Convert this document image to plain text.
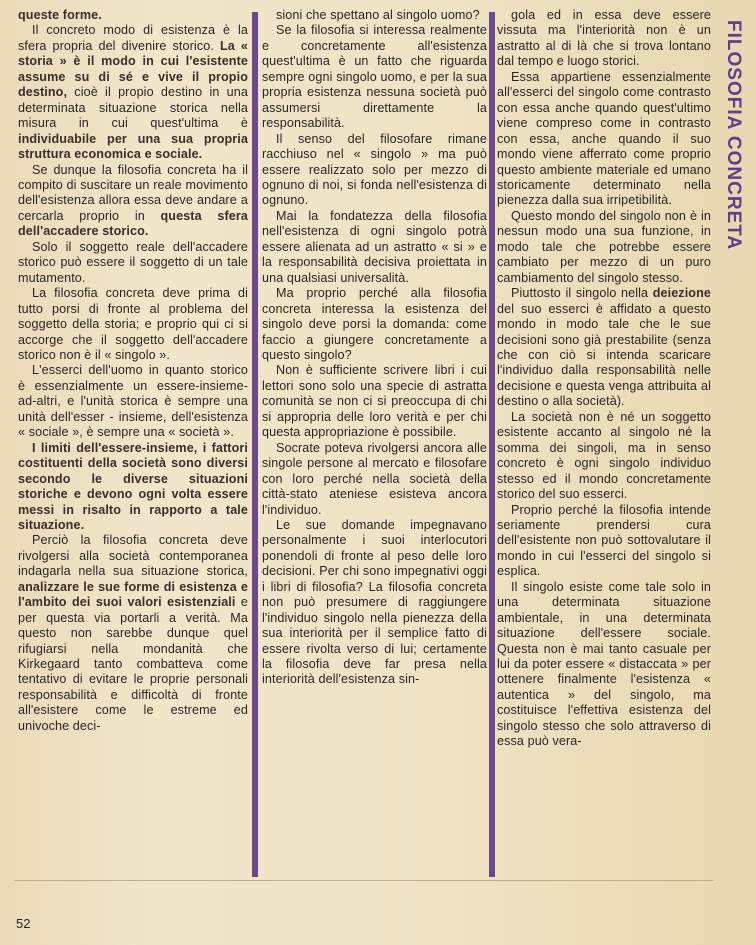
queste forme.

Il concreto modo di esistenza è la sfera propria del divenire storico. La « storia » è il modo in cui l'esistente assume su di sé e vive il propio destino, cioè il propio destino in una determinata situazione storica nella misura in cui quest'ultima è individuabile per una sua propria struttura economica e sociale.

Se dunque la filosofia concreta ha il compito di suscitare un reale movimento dell'esistenza allora essa deve andare a cercarla proprio in questa sfera dell'accadere storico.

Solo il soggetto reale dell'accadere storico può essere il soggetto di un tale mutamento.

La filosofia concreta deve prima di tutto porsi di fronte al problema del soggetto della storia; e proprio qui ci si accorge che il soggetto dell'accadere storico non è il « singolo ».

L'esserci dell'uomo in quanto storico è essenzialmente un essere-insieme-ad-altri, e l'unità storica è sempre una unità dell'esser - insieme, dell'esistenza « sociale », è sempre una « società ».

I limiti dell'essere-insieme, i fattori costituenti della società sono diversi secondo le diverse situazioni storiche e devono ogni volta essere messi in risalto in rapporto a tale situazione.

Perciò la filosofia concreta deve rivolgersi alla società contemporanea indagarla nella sua situazione storica, analizzare le sue forme di esistenza e l'ambito dei suoi valori esistenziali e per questa via portarli a verità. Ma questo non sarebbe dunque quel rifugiarsi nella mondanità che Kirkegaard tanto combatteva come tentativo di evitare le proprie personali responsabilità e difficoltà di fronte all'esistere come le estreme ed univoche deci-

sioni che spettano al singolo uomo?

Se la filosofia si interessa realmente e concretamente all'esistenza quest'ultima è un fatto che riguarda sempre ogni singolo uomo, e per la sua propria esistenza nessuna società può assumersi direttamente la responsabilità.

Il senso del filosofare rimane racchiuso nel « singolo » ma può essere realizzato solo per mezzo di ognuno di noi, si fonda nell'esistenza di ognuno.

Mai la fondatezza della filosofia nell'esistenza di ogni singolo potrà essere alienata ad un astratto « si » e la responsabilità decisiva proiettata in una qualsiasi universalità.

Ma proprio perché alla filosofia concreta interessa la esistenza del singolo deve porsi la domanda: come faccio a giungere concretamente a questo singolo?

Non è sufficiente scrivere libri i cui lettori sono solo una specie di astratta comunità se non ci si preoccupa di chi si appropria delle loro verità e per chi questa appropriazione è possibile.

Socrate poteva rivolgersi ancora alle singole persone al mercato e filosofare con loro perché nella società della città-stato ateniese esisteva ancora l'individuo.

Le sue domande impegnavano personalmente i suoi interlocutori ponendoli di fronte al peso delle loro decisioni. Per chi sono impegnativi oggi i libri di filosofia? La filosofia concreta non può presumere di raggiungere l'individuo singolo nella pienezza della sua interiorità per il semplice fatto di essere rivolta verso di lui; certamente la filosofia deve far presa nella interiorità dell'esistenza sin-

gola ed in essa deve essere vissuta ma l'interiorità non è un astratto al di là che si trova lontano dal tempo e luogo storici.

Essa appartiene essenzialmente all'esserci del singolo come contrasto con essa anche quando quest'ultimo viene compreso come in contrasto con essa, anche quando il suo mondo viene afferrato come proprio questo ambiente materiale ed umano storicamente determinato nella pienezza dalla sua irripetibilità.

Questo mondo del singolo non è in nessun modo una sua funzione, in modo tale che potrebbe essere cambiato per mezzo di un puro cambiamento del singolo stesso.

Piuttosto il singolo nella deiezione del suo esserci è affidato a questo mondo in modo tale che le sue decisioni sono già prestabilite (senza che con ciò si intenda scaricare l'individuo dalla responsabilità nelle decisione e questa venga attribuita al destino o alla società).

La società non è né un soggetto esistente accanto al singolo né la somma dei singoli, ma in senso concreto è ogni singolo individuo stesso ed il mondo concretamente storico del suo esserci.

Proprio perché la filosofia intende seriamente prendersi cura dell'esistente non può sottovalutare il mondo in cui l'esserci del singolo si esplica.

Il singolo esiste come tale solo in una determinata situazione ambientale, in una determinata situazione dell'essere sociale. Questa non è mai tanto casuale per lui da poter essere « distaccata » per ottenere finalmente l'esistenza « autentica » del singolo, ma costituisce l'effettiva esistenza del singolo stesso che solo attraverso di essa può vera-

FILOSOFIA CONCRETA
52
